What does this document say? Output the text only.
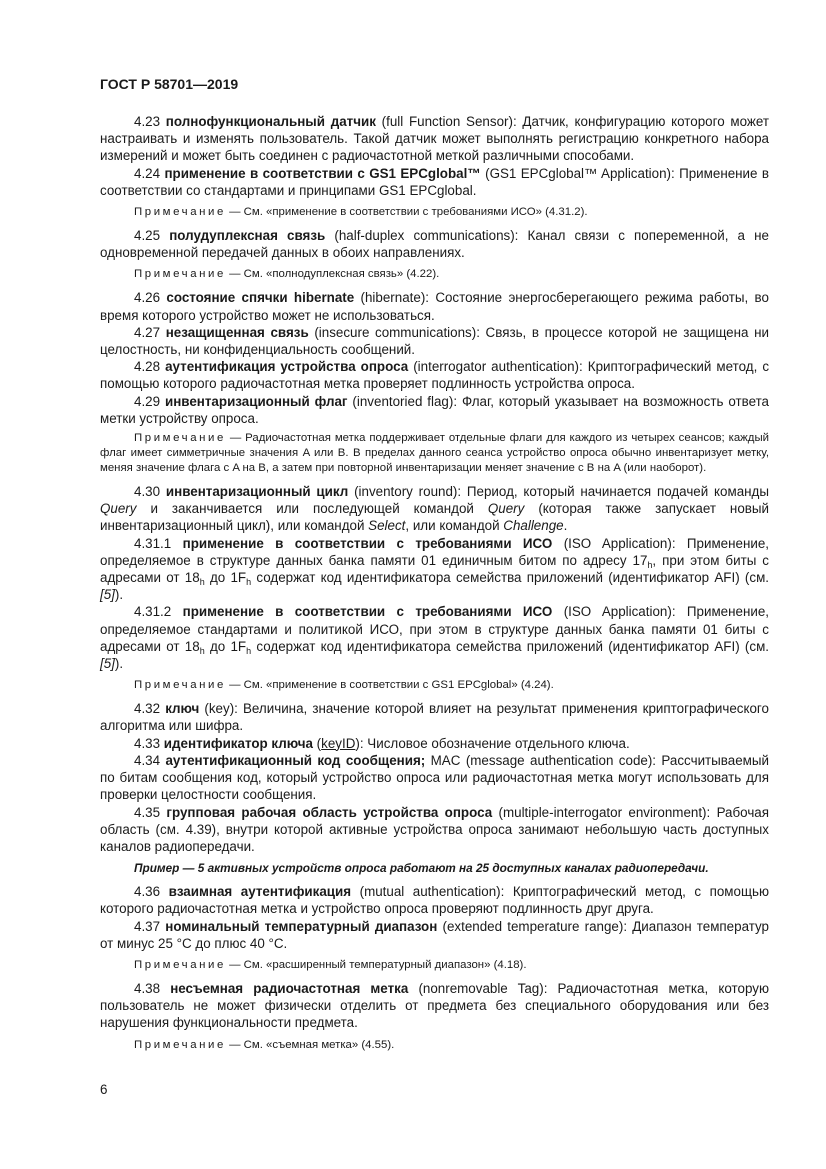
ГОСТ Р 58701—2019

4.23 полнофункциональный датчик (full Function Sensor): Датчик, конфигурацию которого может настраивать и изменять пользователь. Такой датчик может выполнять регистрацию конкретного набора измерений и может быть соединен с радиочастотной меткой различными способами.

4.24 применение в соответствии с GS1 EPCglobal™ (GS1 EPCglobal™ Application): Применение в соответствии со стандартами и принципами GS1 EPCglobal.

Примечание — См. «применение в соответствии с требованиями ИСО» (4.31.2).

4.25 полудуплексная связь (half-duplex communications): Канал связи с попеременной, а не одновременной передачей данных в обоих направлениях.

Примечание — См. «полнодуплексная связь» (4.22).

4.26 состояние спячки hibernate (hibernate): Состояние энергосберегающего режима работы, во время которого устройство может не использоваться.

4.27 незащищенная связь (insecure communications): Связь, в процессе которой не защищена ни целостность, ни конфиденциальность сообщений.

4.28 аутентификация устройства опроса (interrogator authentication): Криптографический метод, с помощью которого радиочастотная метка проверяет подлинность устройства опроса.

4.29 инвентаризационный флаг (inventoried flag): Флаг, который указывает на возможность ответа метки устройству опроса.

Примечание — Радиочастотная метка поддерживает отдельные флаги для каждого из четырех сеансов; каждый флаг имеет симметричные значения A или B. В пределах данного сеанса устройство опроса обычно инвентаризует метку, меняя значение флага с A на B, а затем при повторной инвентаризации меняет значение с B на A (или наоборот).

4.30 инвентаризационный цикл (inventory round): Период, который начинается подачей команды Query и заканчивается или последующей командой Query (которая также запускает новый инвентаризационный цикл), или командой Select, или командой Challenge.

4.31.1 применение в соответствии с требованиями ИСО (ISO Application): Применение, определяемое в структуре данных банка памяти 01 единичным битом по адресу $17_h$, при этом биты с адресами от $18_h$ до $1F_h$ содержат код идентификатора семейства приложений (идентификатор AFI) (см. [5]).

4.31.2 применение в соответствии с требованиями ИСО (ISO Application): Применение, определяемое стандартами и политикой ИСО, при этом в структуре данных банка памяти 01 биты с адресами от $18_h$ до $1F_h$ содержат код идентификатора семейства приложений (идентификатор AFI) (см. [5]).

Примечание — См. «применение в соответствии с GS1 EPCglobal» (4.24).

4.32 ключ (key): Величина, значение которой влияет на результат применения криптографического алгоритма или шифра.

4.33 идентификатор ключа (keyID): Числовое обозначение отдельного ключа.

4.34 аутентификационный код сообщения; MAC (message authentication code): Рассчитываемый по битам сообщения код, который устройство опроса или радиочастотная метка могут использовать для проверки целостности сообщения.

4.35 групповая рабочая область устройства опроса (multiple-interrogator environment): Рабочая область (см. 4.39), внутри которой активные устройства опроса занимают небольшую часть доступных каналов радиопередачи.

Пример — 5 активных устройств опроса работают на 25 доступных каналах радиопередачи.

4.36 взаимная аутентификация (mutual authentication): Криптографический метод, с помощью которого радиочастотная метка и устройство опроса проверяют подлинность друг друга.

4.37 номинальный температурный диапазон (extended temperature range): Диапазон температур от минус 25 °C до плюс 40 °C.

Примечание — См. «расширенный температурный диапазон» (4.18).

4.38 несъемная радиочастотная метка (nonremovable Tag): Радиочастотная метка, которую пользователь не может физически отделить от предмета без специального оборудования или без нарушения функциональности предмета.

Примечание — См. «съемная метка» (4.55).

6
